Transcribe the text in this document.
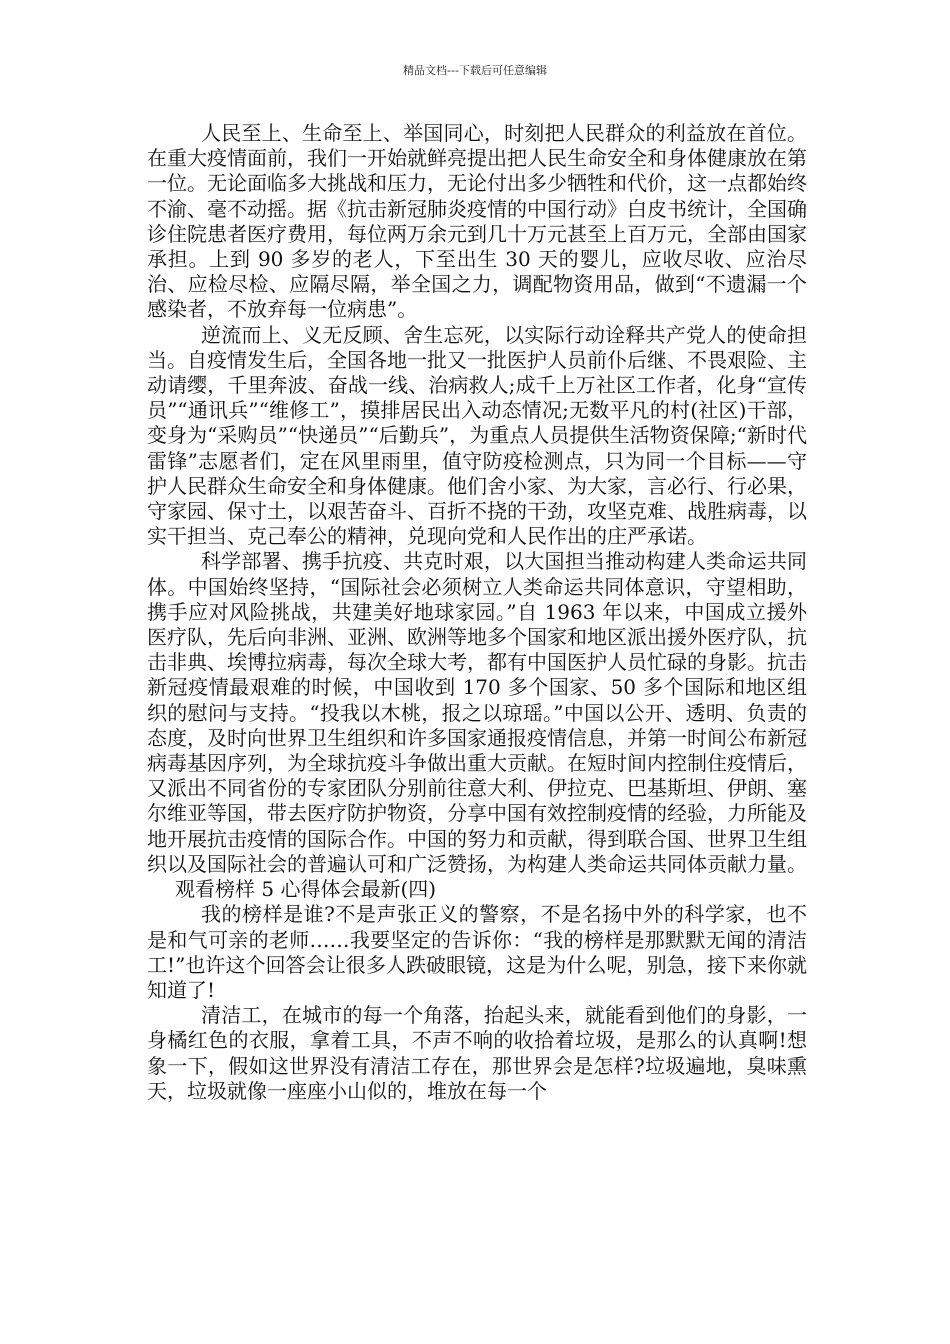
精品文档---下载后可任意编辑

人民至上、生命至上、举国同心，时刻把人民群众的利益放在首位。在重大疫情面前，我们一开始就鲜亮提出把人民生命安全和身体健康放在第一位。无论面临多大挑战和压力，无论付出多少牺牲和代价，这一点都始终不渝、毫不动摇。据《抗击新冠肺炎疫情的中国行动》白皮书统计，全国确诊住院患者医疗费用，每位两万余元到几十万元甚至上百万元，全部由国家承担。上到 90 多岁的老人，下至出生 30 天的婴儿，应收尽收、应治尽治、应检尽检、应隔尽隔，举全国之力，调配物资用品，做到“不遗漏一个感染者，不放弃每一位病患”。

逆流而上、义无反顾、舍生忘死，以实际行动诠释共产党人的使命担当。自疫情发生后，全国各地一批又一批医护人员前仆后继、不畏艰险、主动请缨，千里奔波、奋战一线、治病救人;成千上万社区工作者，化身“宣传员”“通讯兵”“维修工”，摸排居民出入动态情况;无数平凡的村(社区)干部，变身为“采购员”“快递员”“后勤兵”，为重点人员提供生活物资保障;“新时代雷锋”志愿者们，定在风里雨里，值守防疫检测点，只为同一个目标——守护人民群众生命安全和身体健康。他们舍小家、为大家，言必行、行必果，守家园、保寸土，以艰苦奋斗、百折不挠的干劲，攻坚克难、战胜病毒，以实干担当、克己奉公的精神，兑现向党和人民作出的庄严承诺。

科学部署、携手抗疫、共克时艰，以大国担当推动构建人类命运共同体。中国始终坚持，“国际社会必须树立人类命运共同体意识，守望相助，携手应对风险挑战，共建美好地球家园。”自 1963 年以来，中国成立援外医疗队，先后向非洲、亚洲、欧洲等地多个国家和地区派出援外医疗队，抗击非典、埃博拉病毒，每次全球大考，都有中国医护人员忙碌的身影。抗击新冠疫情最艰难的时候，中国收到 170 多个国家、50 多个国际和地区组织的慰问与支持。“投我以木桃，报之以琼瑶。”中国以公开、透明、负责的态度，及时向世界卫生组织和许多国家通报疫情信息，并第一时间公布新冠病毒基因序列，为全球抗疫斗争做出重大贡献。在短时间内控制住疫情后，又派出不同省份的专家团队分别前往意大利、伊拉克、巴基斯坦、伊朗、塞尔维亚等国，带去医疗防护物资，分享中国有效控制疫情的经验，力所能及地开展抗击疫情的国际合作。中国的努力和贡献，得到联合国、世界卫生组织以及国际社会的普遍认可和广泛赞扬，为构建人类命运共同体贡献力量。

观看榜样 5 心得体会最新(四)

我的榜样是谁?不是声张正义的警察，不是名扬中外的科学家，也不是和气可亲的老师……我要坚定的告诉你：“我的榜样是那默默无闻的清洁工!”也许这个回答会让很多人跌破眼镜，这是为什么呢，别急，接下来你就知道了!

清洁工，在城市的每一个角落，抬起头来，就能看到他们的身影，一身橘红色的衣服，拿着工具，不声不响的收拾着垃圾，是那么的认真啊!想象一下，假如这世界没有清洁工存在，那世界会是怎样?垃圾遍地，臭味熏天，垃圾就像一座座小山似的，堆放在每一个
